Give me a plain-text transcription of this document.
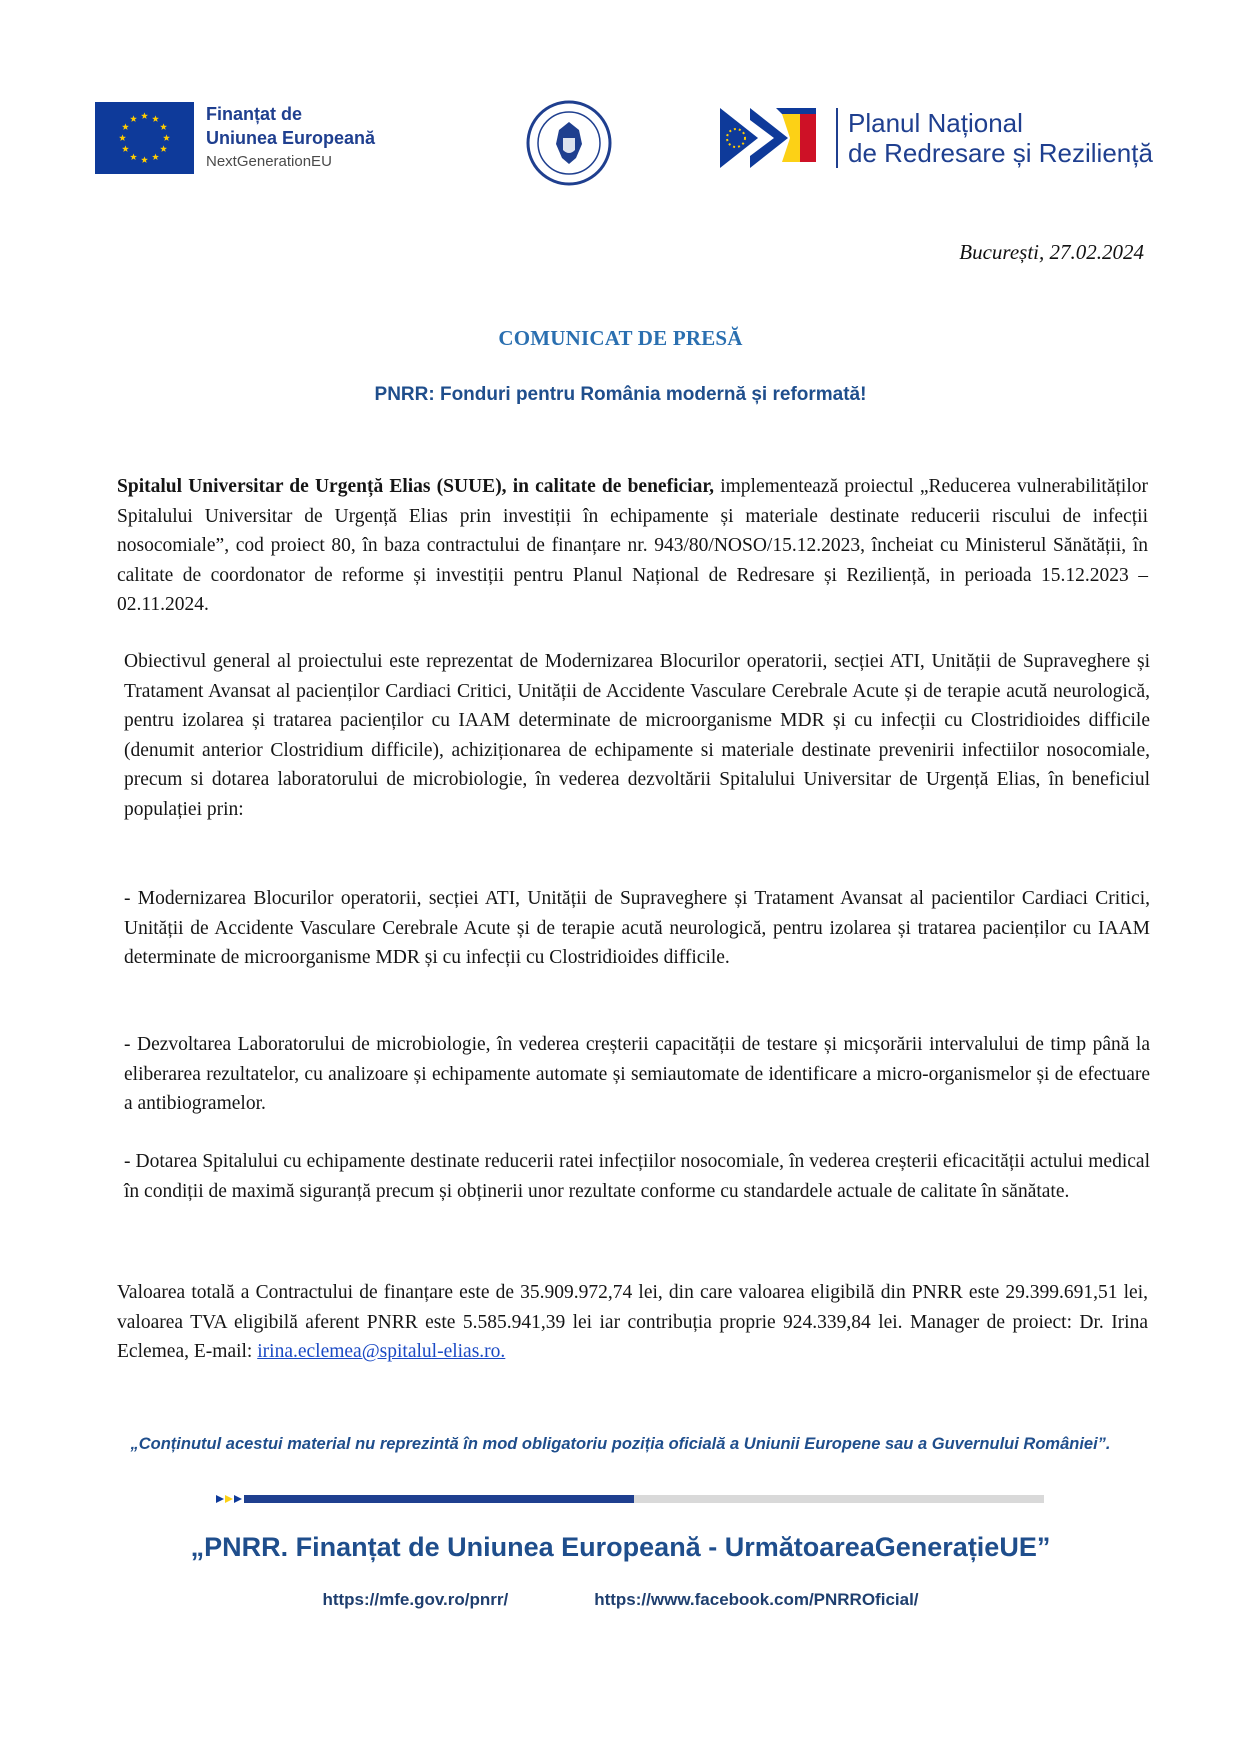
Finanțat de
Uniunea Europeană
NextGenerationEU
Planul Național
de Redresare și Reziliență
București, 27.02.2024
COMUNICAT DE PRESĂ
PNRR: Fonduri pentru România modernă și reformată!
Spitalul Universitar de Urgență Elias (SUUE), in calitate de beneficiar, implementează proiectul „Reducerea vulnerabilităților Spitalului Universitar de Urgență Elias prin investiții în echipamente și materiale destinate reducerii riscului de infecții nosocomiale”, cod proiect 80, în baza contractului de finanțare nr. 943/80/NOSO/15.12.2023, încheiat cu Ministerul Sănătății, în calitate de coordonator de reforme și investiții pentru Planul Național de Redresare și Reziliență, in perioada 15.12.2023 – 02.11.2024.
Obiectivul general al proiectului este reprezentat de Modernizarea Blocurilor operatorii, secției ATI, Unității de Supraveghere și Tratament Avansat al pacienților Cardiaci Critici, Unității de Accidente Vasculare Cerebrale Acute și de terapie acută neurologică, pentru izolarea și tratarea pacienților cu IAAM determinate de microorganisme MDR și cu infecții cu Clostridioides difficile (denumit anterior Clostridium difficile), achiziționarea de echipamente si materiale destinate prevenirii infectiilor nosocomiale, precum si dotarea laboratorului de microbiologie, în vederea dezvoltării Spitalului Universitar de Urgență Elias, în beneficiul populației prin:
- Modernizarea Blocurilor operatorii, secției ATI, Unității de Supraveghere și Tratament Avansat al pacientilor Cardiaci Critici, Unității de Accidente Vasculare Cerebrale Acute și de terapie acută neurologică, pentru izolarea și tratarea pacienților cu IAAM determinate de microorganisme MDR și cu infecții cu Clostridioides difficile.
- Dezvoltarea Laboratorului de microbiologie, în vederea creșterii capacității de testare și micșorării intervalului de timp până la eliberarea rezultatelor, cu analizoare și echipamente automate și semiautomate de identificare a micro-organismelor și de efectuare a antibiogramelor.
- Dotarea Spitalului cu echipamente destinate reducerii ratei infecțiilor nosocomiale, în vederea creșterii eficacității actului medical în condiții de maximă siguranță precum și obținerii unor rezultate conforme cu standardele actuale de calitate în sănătate.
Valoarea totală a Contractului de finanțare este de 35.909.972,74 lei, din care valoarea eligibilă din PNRR este 29.399.691,51 lei, valoarea TVA eligibilă aferent PNRR este 5.585.941,39 lei iar contribuția proprie 924.339,84 lei. Manager de proiect: Dr. Irina Eclemea, E-mail: irina.eclemea@spitalul-elias.ro.
„Conținutul acestui material nu reprezintă în mod obligatoriu poziția oficială a Uniunii Europene sau a Guvernului României”.
„PNRR. Finanțat de Uniunea Europeană - UrmătoareaGenerațieUE”
https://mfe.gov.ro/pnrr/	https://www.facebook.com/PNRROficial/
